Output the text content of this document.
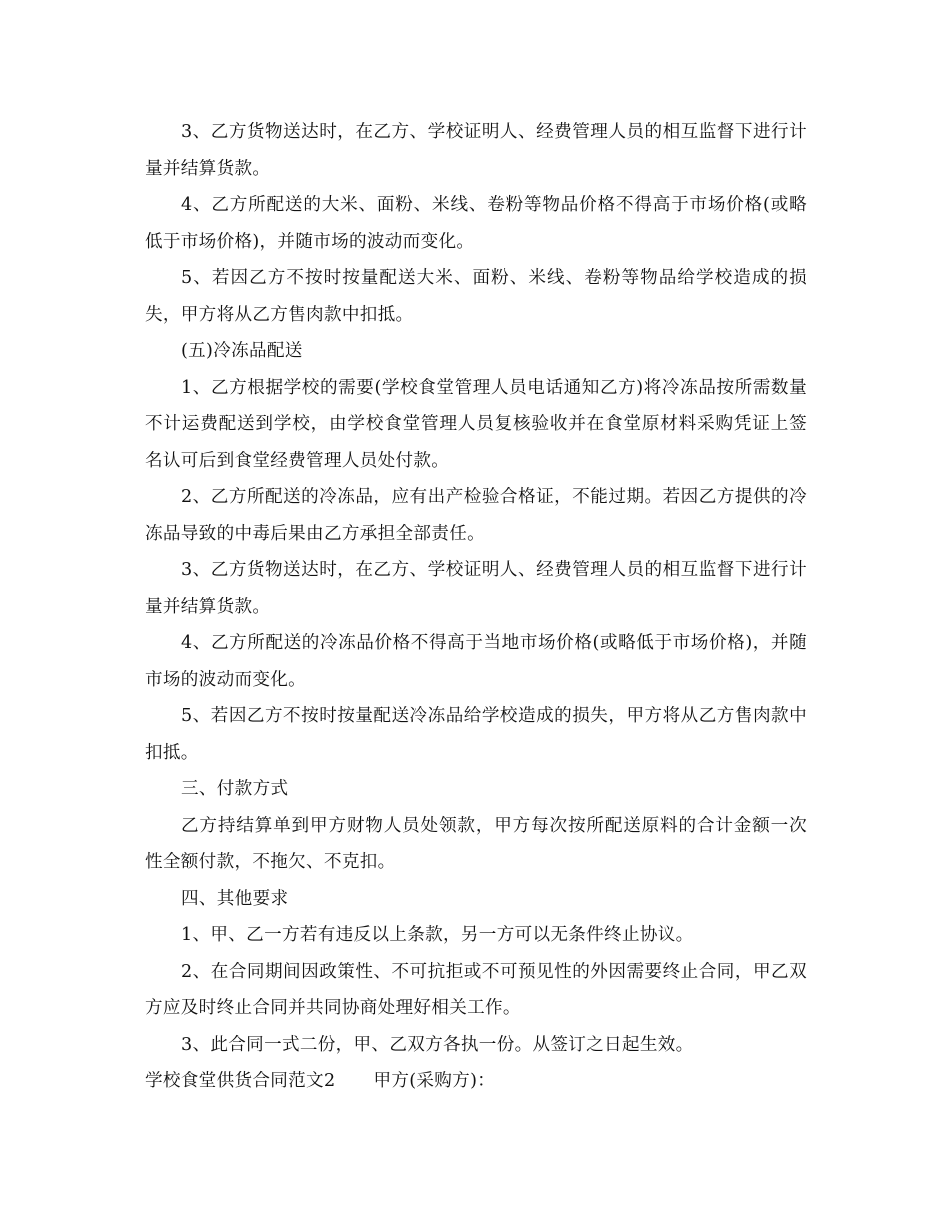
3、乙方货物送达时，在乙方、学校证明人、经费管理人员的相互监督下进行计量并结算货款。

4、乙方所配送的大米、面粉、米线、卷粉等物品价格不得高于市场价格(或略低于市场价格)，并随市场的波动而变化。

5、若因乙方不按时按量配送大米、面粉、米线、卷粉等物品给学校造成的损失，甲方将从乙方售肉款中扣抵。

(五)冷冻品配送

1、乙方根据学校的需要(学校食堂管理人员电话通知乙方)将冷冻品按所需数量不计运费配送到学校，由学校食堂管理人员复核验收并在食堂原材料采购凭证上签名认可后到食堂经费管理人员处付款。

2、乙方所配送的冷冻品，应有出产检验合格证，不能过期。若因乙方提供的冷冻品导致的中毒后果由乙方承担全部责任。

3、乙方货物送达时，在乙方、学校证明人、经费管理人员的相互监督下进行计量并结算货款。

4、乙方所配送的冷冻品价格不得高于当地市场价格(或略低于市场价格)，并随市场的波动而变化。

5、若因乙方不按时按量配送冷冻品给学校造成的损失，甲方将从乙方售肉款中扣抵。

三、付款方式

乙方持结算单到甲方财物人员处领款，甲方每次按所配送原料的合计金额一次性全额付款，不拖欠、不克扣。

四、其他要求

1、甲、乙一方若有违反以上条款，另一方可以无条件终止协议。

2、在合同期间因政策性、不可抗拒或不可预见性的外因需要终止合同，甲乙双方应及时终止合同并共同协商处理好相关工作。

3、此合同一式二份，甲、乙双方各执一份。从签订之日起生效。

学校食堂供货合同范文2 甲方(采购方)：
